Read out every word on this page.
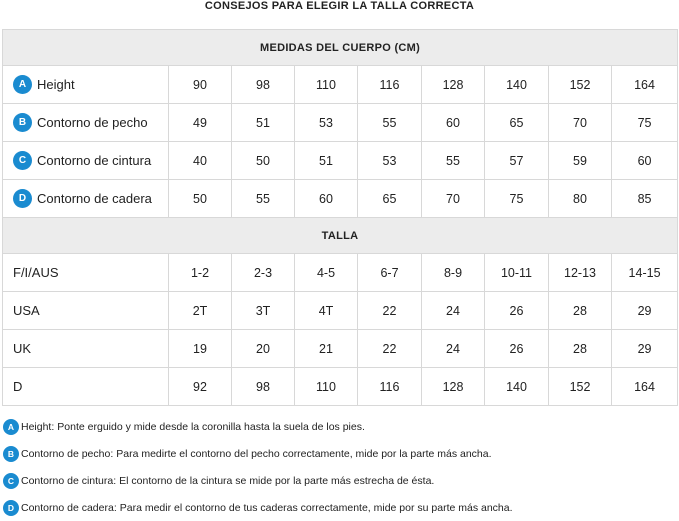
CONSEJOS PARA ELEGIR LA TALLA CORRECTA
MEDIDAS DEL CUERPO (CM)								
A Height	90	98	110	116	128	140	152	164
B Contorno de pecho	49	51	53	55	60	65	70	75
C Contorno de cintura	40	50	51	53	55	57	59	60
D Contorno de cadera	50	55	60	65	70	75	80	85
TALLA								
F/I/AUS	1-2	2-3	4-5	6-7	8-9	10-11	12-13	14-15
USA	2T	3T	4T	22	24	26	28	29
UK	19	20	21	22	24	26	28	29
D	92	98	110	116	128	140	152	164
A Height : Ponte erguido y mide desde la coronilla hasta la suela de los pies.
B Contorno de pecho : Para medirte el contorno del pecho correctamente, mide por la parte más ancha.
C Contorno de cintura : El contorno de la cintura se mide por la parte más estrecha de ésta.
D Contorno de cadera : Para medir el contorno de tus caderas correctamente, mide por su parte más ancha.
